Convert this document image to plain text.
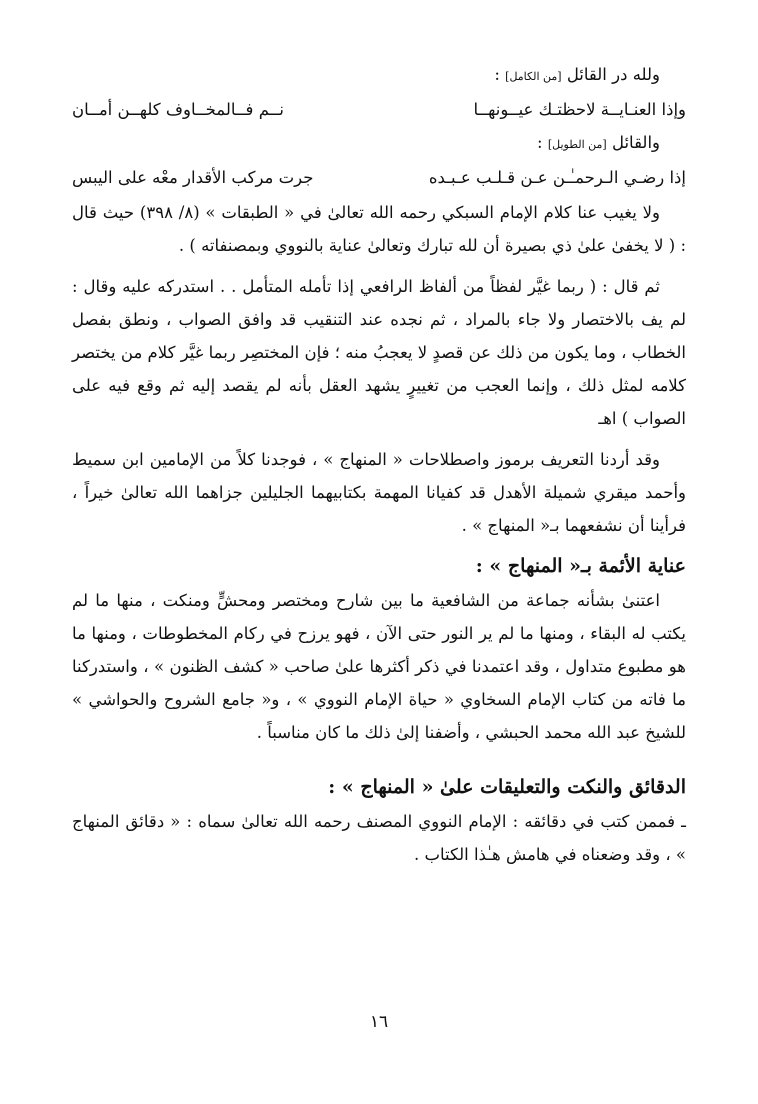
ولله در القائل [من الكامل] :
وإذا العنـايــة لاحظتـك عيــونهــا
نــم فــالمخــاوف كلهــن أمــان
والقائل [من الطويل] :
إذا رضـي الـرحمـٰـن عـن قـلـب عـبـده
جرت مركب الأقدار معْه على اليبس

ولا يغيب عنا كلام الإمام السبكي رحمه الله تعالىٰ في « الطبقات » (٨/ ٣٩٨) حيث قال : ( لا يخفىٰ علىٰ ذي بصيرة أن لله تبارك وتعالىٰ عناية بالنووي وبمصنفاته ) .

ثم قال : ( ربما غيَّر لفظاً من ألفاظ الرافعي إذا تأمله المتأمل . . استدركه عليه وقال : لم يف بالاختصار ولا جاء بالمراد ، ثم نجده عند التنقيب قد وافق الصواب ، ونطق بفصل الخطاب ، وما يكون من ذلك عن قصدٍ لا يعجبُ منه ؛ فإن المختصِر ربما غيَّر كلام من يختصر كلامه لمثل ذلك ، وإنما العجب من تغييرٍ يشهد العقل بأنه لم يقصد إليه ثم وقع فيه على الصواب ) اهـ

وقد أردنا التعريف برموز واصطلاحات « المنهاج » ، فوجدنا كلاً من الإمامين ابن سميط وأحمد ميقري شميلة الأهدل قد كفيانا المهمة بكتابيهما الجليلين جزاهما الله تعالىٰ خيراً ، فرأينا أن نشفعهما بـ« المنهاج » .

عناية الأئمة بـ« المنهاج » :

اعتنىٰ بشأنه جماعة من الشافعية ما بين شارح ومختصر ومحشٍّ ومنكت ، منها ما لم يكتب له البقاء ، ومنها ما لم ير النور حتى الآن ، فهو يرزح في ركام المخطوطات ، ومنها ما هو مطبوع متداول ، وقد اعتمدنا في ذكر أكثرها علىٰ صاحب « كشف الظنون » ، واستدركنا ما فاته من كتاب الإمام السخاوي « حياة الإمام النووي » ، و« جامع الشروح والحواشي » للشيخ عبد الله محمد الحبشي ، وأضفنا إلىٰ ذلك ما كان مناسباً .

الدقائق والنكت والتعليقات علىٰ « المنهاج » :

ـ فممن كتب في دقائقه : الإمام النووي المصنف رحمه الله تعالىٰ سماه : « دقائق المنهاج » ، وقد وضعناه في هامش هـٰذا الكتاب .

١٦
